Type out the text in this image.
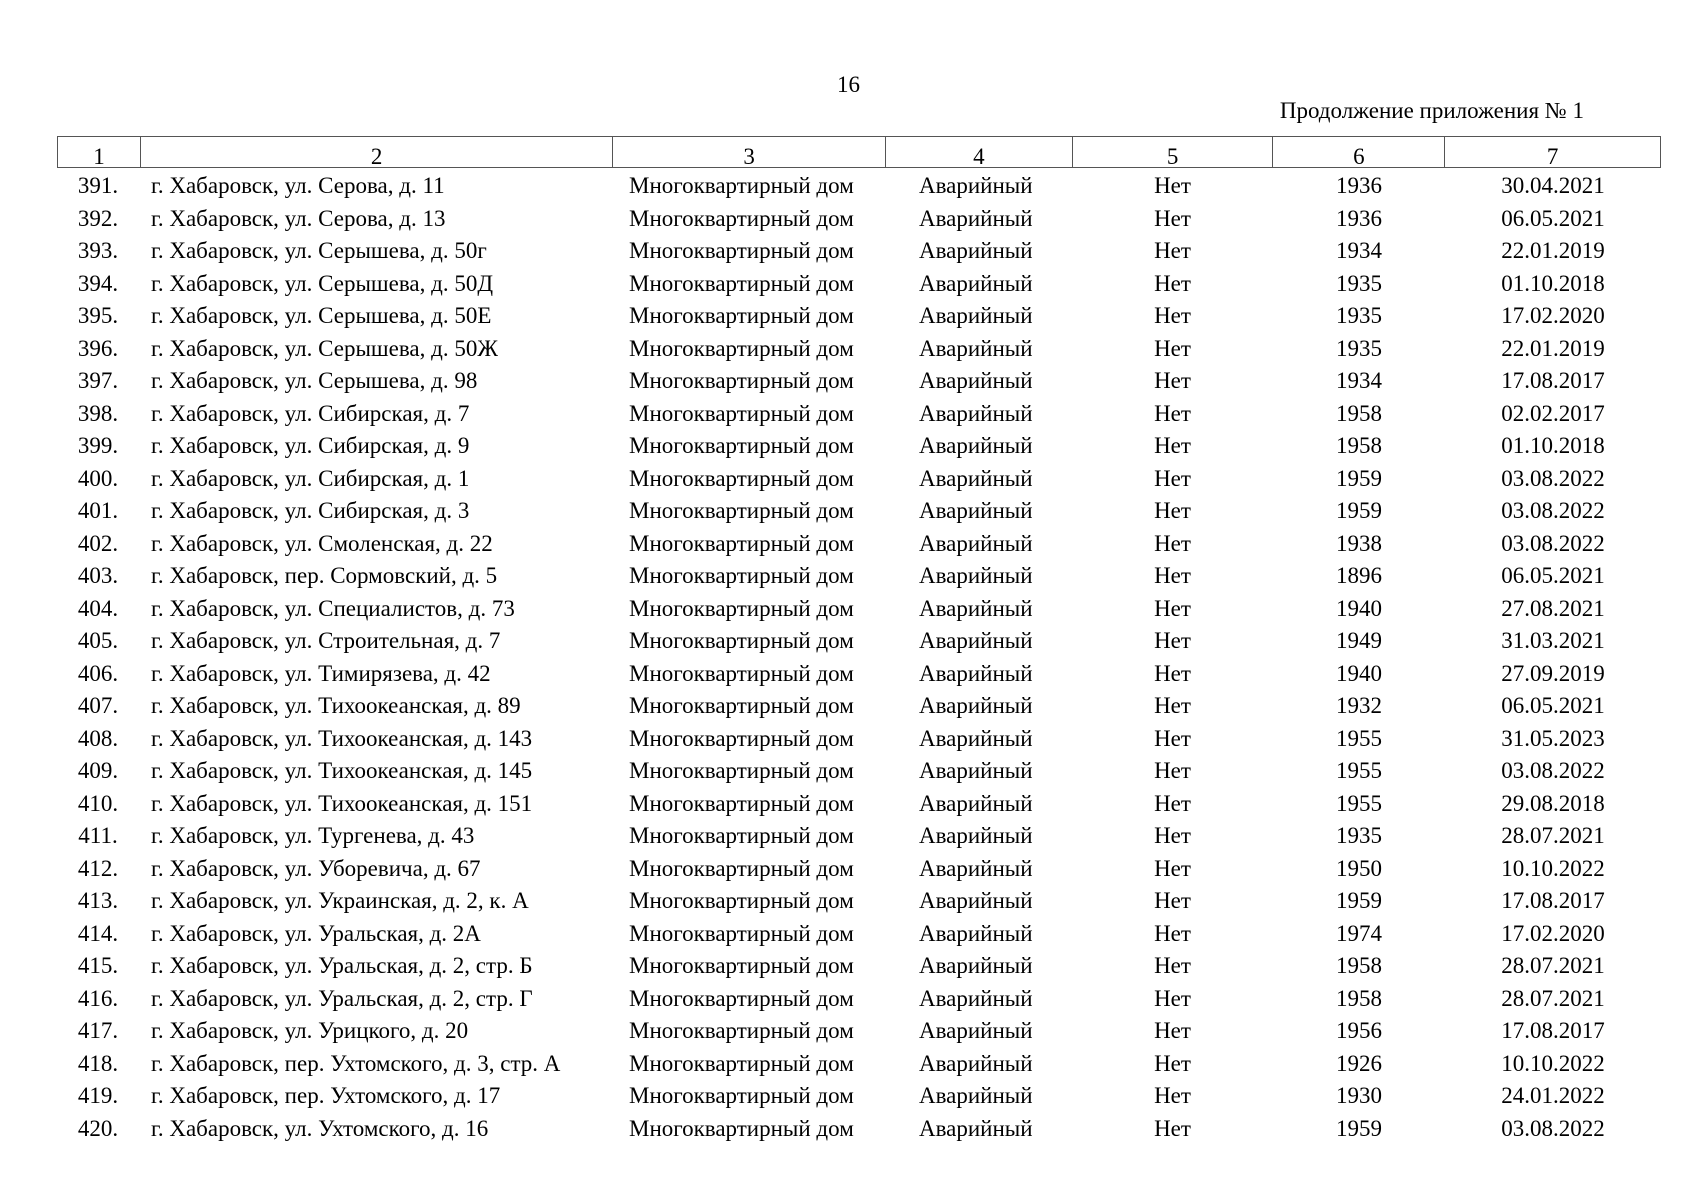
16
Продолжение приложения № 1
1	2	3	4	5	6	7
391.	г. Хабаровск, ул. Серова, д. 11	Многоквартирный дом	Аварийный	Нет	1936	30.04.2021
392.	г. Хабаровск, ул. Серова, д. 13	Многоквартирный дом	Аварийный	Нет	1936	06.05.2021
393.	г. Хабаровск, ул. Серышева, д. 50г	Многоквартирный дом	Аварийный	Нет	1934	22.01.2019
394.	г. Хабаровск, ул. Серышева, д. 50Д	Многоквартирный дом	Аварийный	Нет	1935	01.10.2018
395.	г. Хабаровск, ул. Серышева, д. 50Е	Многоквартирный дом	Аварийный	Нет	1935	17.02.2020
396.	г. Хабаровск, ул. Серышева, д. 50Ж	Многоквартирный дом	Аварийный	Нет	1935	22.01.2019
397.	г. Хабаровск, ул. Серышева, д. 98	Многоквартирный дом	Аварийный	Нет	1934	17.08.2017
398.	г. Хабаровск, ул. Сибирская, д. 7	Многоквартирный дом	Аварийный	Нет	1958	02.02.2017
399.	г. Хабаровск, ул. Сибирская, д. 9	Многоквартирный дом	Аварийный	Нет	1958	01.10.2018
400.	г. Хабаровск, ул. Сибирская, д. 1	Многоквартирный дом	Аварийный	Нет	1959	03.08.2022
401.	г. Хабаровск, ул. Сибирская, д. 3	Многоквартирный дом	Аварийный	Нет	1959	03.08.2022
402.	г. Хабаровск, ул. Смоленская, д. 22	Многоквартирный дом	Аварийный	Нет	1938	03.08.2022
403.	г. Хабаровск, пер. Сормовский, д. 5	Многоквартирный дом	Аварийный	Нет	1896	06.05.2021
404.	г. Хабаровск, ул. Специалистов, д. 73	Многоквартирный дом	Аварийный	Нет	1940	27.08.2021
405.	г. Хабаровск, ул. Строительная, д. 7	Многоквартирный дом	Аварийный	Нет	1949	31.03.2021
406.	г. Хабаровск, ул. Тимирязева, д. 42	Многоквартирный дом	Аварийный	Нет	1940	27.09.2019
407.	г. Хабаровск, ул. Тихоокеанская, д. 89	Многоквартирный дом	Аварийный	Нет	1932	06.05.2021
408.	г. Хабаровск, ул. Тихоокеанская, д. 143	Многоквартирный дом	Аварийный	Нет	1955	31.05.2023
409.	г. Хабаровск, ул. Тихоокеанская, д. 145	Многоквартирный дом	Аварийный	Нет	1955	03.08.2022
410.	г. Хабаровск, ул. Тихоокеанская, д. 151	Многоквартирный дом	Аварийный	Нет	1955	29.08.2018
411.	г. Хабаровск, ул. Тургенева, д. 43	Многоквартирный дом	Аварийный	Нет	1935	28.07.2021
412.	г. Хабаровск, ул. Уборевича, д. 67	Многоквартирный дом	Аварийный	Нет	1950	10.10.2022
413.	г. Хабаровск, ул. Украинская, д. 2, к. А	Многоквартирный дом	Аварийный	Нет	1959	17.08.2017
414.	г. Хабаровск, ул. Уральская, д. 2А	Многоквартирный дом	Аварийный	Нет	1974	17.02.2020
415.	г. Хабаровск, ул. Уральская, д. 2, стр. Б	Многоквартирный дом	Аварийный	Нет	1958	28.07.2021
416.	г. Хабаровск, ул. Уральская, д. 2, стр. Г	Многоквартирный дом	Аварийный	Нет	1958	28.07.2021
417.	г. Хабаровск, ул. Урицкого, д. 20	Многоквартирный дом	Аварийный	Нет	1956	17.08.2017
418.	г. Хабаровск, пер. Ухтомского, д. 3, стр. А	Многоквартирный дом	Аварийный	Нет	1926	10.10.2022
419.	г. Хабаровск, пер. Ухтомского, д. 17	Многоквартирный дом	Аварийный	Нет	1930	24.01.2022
420.	г. Хабаровск, ул. Ухтомского, д. 16	Многоквартирный дом	Аварийный	Нет	1959	03.08.2022
